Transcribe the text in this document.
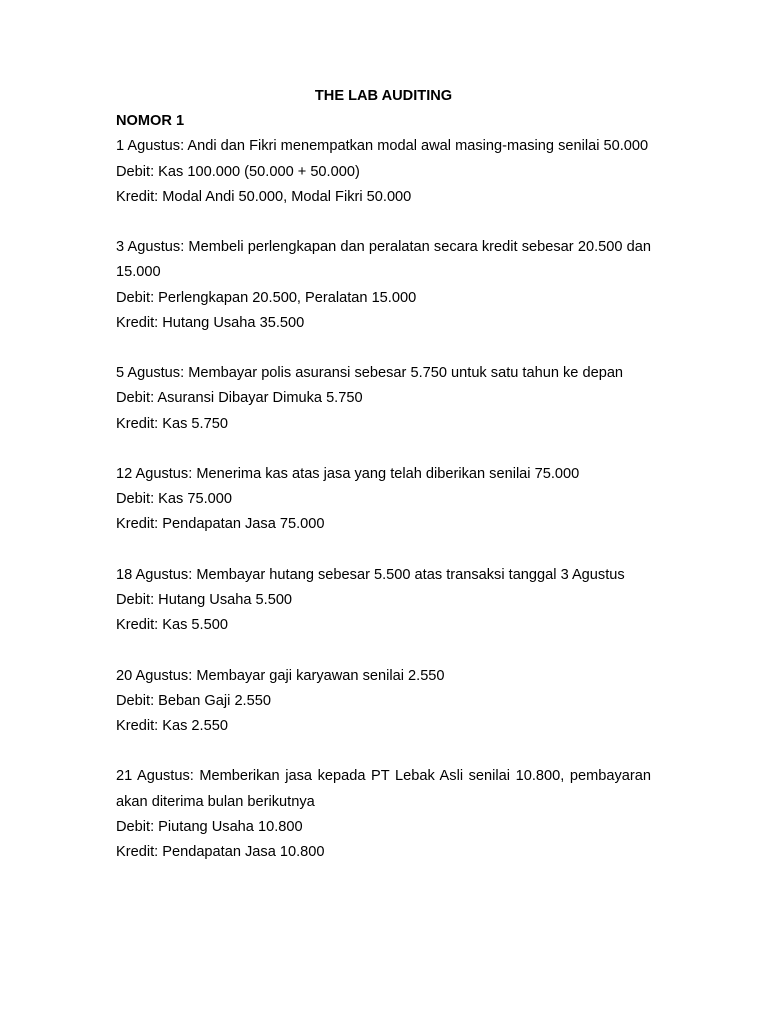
THE LAB AUDITING

NOMOR 1

1 Agustus: Andi dan Fikri menempatkan modal awal masing-masing senilai 50.000

Debit: Kas 100.000 (50.000 + 50.000)

Kredit: Modal Andi 50.000, Modal Fikri 50.000

3 Agustus: Membeli perlengkapan dan peralatan secara kredit sebesar 20.500 dan 15.000

Debit: Perlengkapan 20.500, Peralatan 15.000

Kredit: Hutang Usaha 35.500

5 Agustus: Membayar polis asuransi sebesar 5.750 untuk satu tahun ke depan

Debit: Asuransi Dibayar Dimuka 5.750

Kredit: Kas 5.750

12 Agustus: Menerima kas atas jasa yang telah diberikan senilai 75.000

Debit: Kas 75.000

Kredit: Pendapatan Jasa 75.000

18 Agustus: Membayar hutang sebesar 5.500 atas transaksi tanggal 3 Agustus

Debit: Hutang Usaha 5.500

Kredit: Kas 5.500

20 Agustus: Membayar gaji karyawan senilai 2.550

Debit: Beban Gaji 2.550

Kredit: Kas 2.550

21 Agustus: Memberikan jasa kepada PT Lebak Asli senilai 10.800, pembayaran akan diterima bulan berikutnya

Debit: Piutang Usaha 10.800

Kredit: Pendapatan Jasa 10.800
